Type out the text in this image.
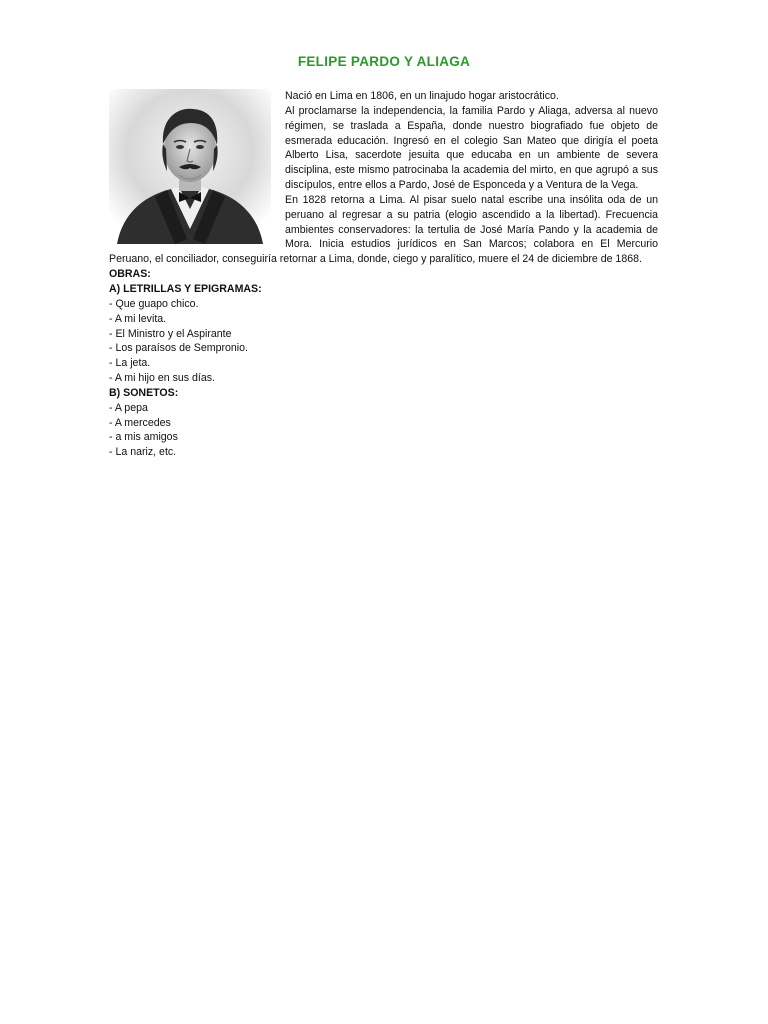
FELIPE PARDO Y ALIAGA

Nació en Lima en 1806, en un linajudo hogar aristocrático.

Al proclamarse la independencia, la familia Pardo y Aliaga, adversa al nuevo régimen, se traslada a España, donde nuestro biografiado fue objeto de esmerada educación. Ingresó en el colegio San Mateo que dirigía el poeta Alberto Lisa, sacerdote jesuita que educaba en un ambiente de severa disciplina, este mismo patrocinaba la academia del mirto, en que agrupó a sus discípulos, entre ellos a Pardo, José de Esponceda y a Ventura de la Vega.

En 1828 retorna a Lima. Al pisar suelo natal escribe una insólita oda de un peruano al regresar a su patria (elogio ascendido a la libertad). Frecuencia ambientes conservadores: la tertulia de José María Pando y la academia de Mora. Inicia estudios jurídicos en San Marcos; colabora en El Mercurio Peruano, el conciliador, conseguiría retornar a Lima, donde, ciego y paralítico, muere el 24 de diciembre de 1868.

OBRAS:

A) LETRILLAS Y EPIGRAMAS:

- Que guapo chico.

- A mi levita.

- El Ministro y el Aspirante

- Los paraísos de Sempronio.

- La jeta.

- A mi hijo en sus días.

B) SONETOS:

- A pepa

- A mercedes

- a mis amigos

- La nariz, etc.
